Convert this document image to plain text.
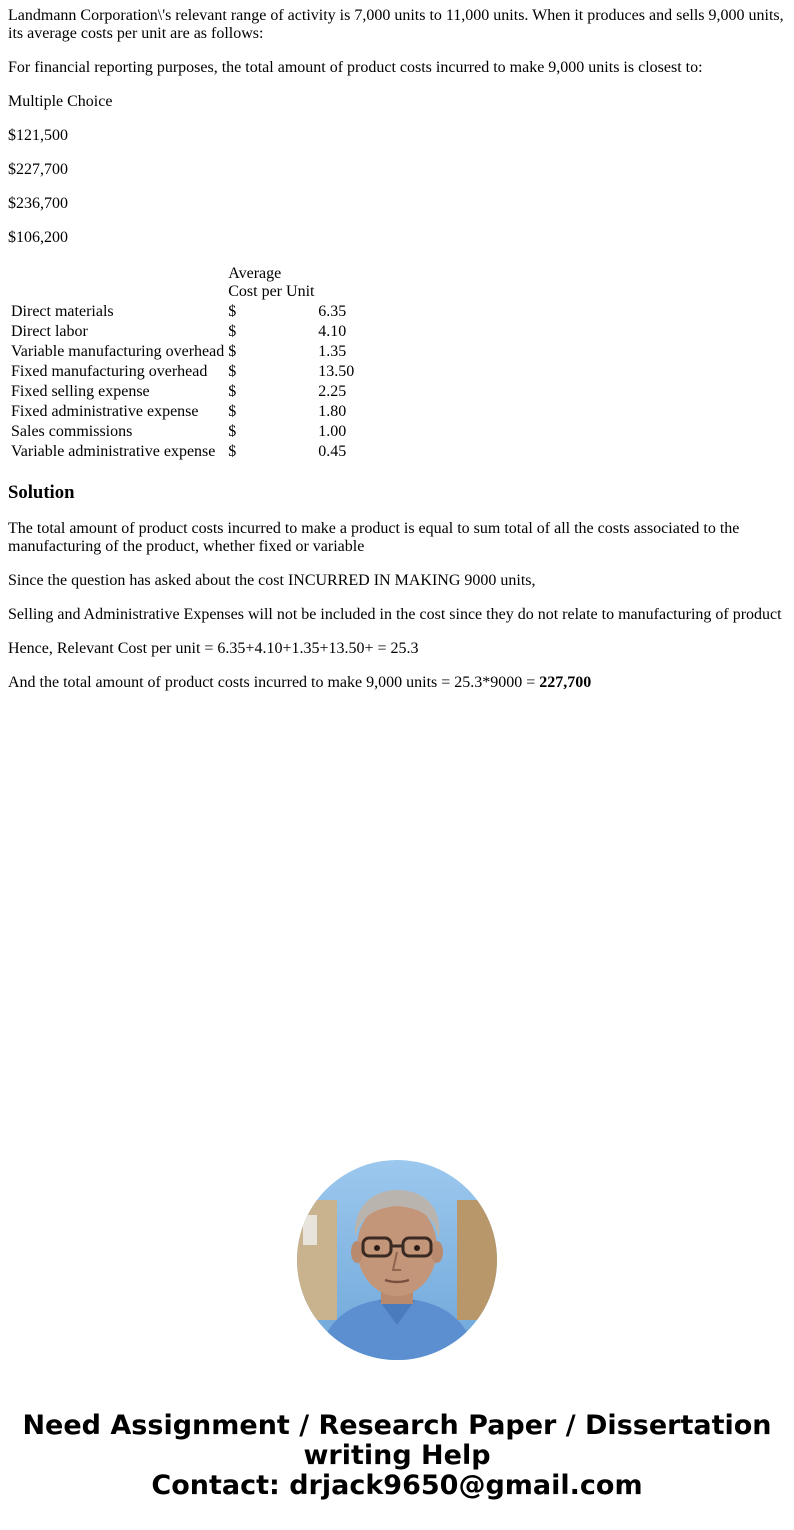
Landmann Corporation\'s relevant range of activity is 7,000 units to 11,000 units. When it produces and sells 9,000 units, its average costs per unit are as follows:

For financial reporting purposes, the total amount of product costs incurred to make 9,000 units is closest to:

Multiple Choice

$121,500

$227,700

$236,700

$106,200

	Average
Cost per Unit	
Direct materials	$	6.35
Direct labor	$	4.10
Variable manufacturing overhead	$	1.35
Fixed manufacturing overhead	$	13.50
Fixed selling expense	$	2.25
Fixed administrative expense	$	1.80
Sales commissions	$	1.00
Variable administrative expense	$	0.45
Solution

The total amount of product costs incurred to make a product is equal to sum total of all the costs associated to the manufacturing of the product, whether fixed or variable

Since the question has asked about the cost INCURRED IN MAKING 9000 units,

Selling and Administrative Expenses will not be included in the cost since they do not relate to manufacturing of product

Hence, Relevant Cost per unit = 6.35+4.10+1.35+13.50+ = 25.3

And the total amount of product costs incurred to make 9,000 units = 25.3*9000 = 227,700

Need Assignment / Research Paper / Dissertation
writing Help
Contact: drjack9650@gmail.com
